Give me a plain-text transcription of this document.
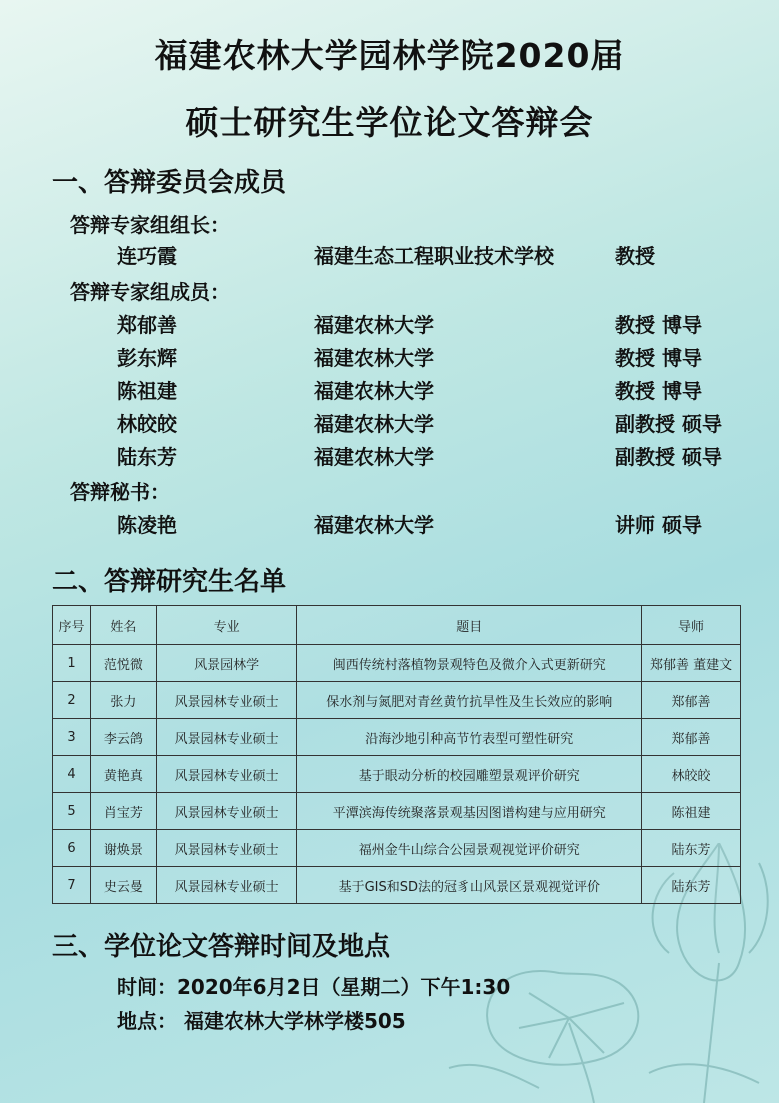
福建农林大学园林学院2020届
硕士研究生学位论文答辩会
一、答辩委员会成员
答辩专家组组长：
连巧霞	福建生态工程职业技术学校	教授
答辩专家组成员：
郑郁善	福建农林大学	教授 博导
彭东辉	福建农林大学	教授 博导
陈祖建	福建农林大学	教授 博导
林皎皎	福建农林大学	副教授 硕导
陆东芳	福建农林大学	副教授 硕导
答辩秘书：
陈凌艳	福建农林大学	讲师 硕导
二、答辩研究生名单
序号	姓名	专业	题目	导师
1	范悦微	风景园林学	闽西传统村落植物景观特色及微介入式更新研究	郑郁善 董建文
2	张力	风景园林专业硕士	保水剂与氮肥对青丝黄竹抗旱性及生长效应的影响	郑郁善
3	李云鸽	风景园林专业硕士	沿海沙地引种高节竹表型可塑性研究	郑郁善
4	黄艳真	风景园林专业硕士	基于眼动分析的校园雕塑景观评价研究	林皎皎
5	肖宝芳	风景园林专业硕士	平潭滨海传统聚落景观基因图谱构建与应用研究	陈祖建
6	谢焕景	风景园林专业硕士	福州金牛山综合公园景观视觉评价研究	陆东芳
7	史云曼	风景园林专业硕士	基于GIS和SD法的冠豸山风景区景观视觉评价	陆东芳
三、学位论文答辩时间及地点
时间：2020年6月2日（星期二）下午1:30
地点： 福建农林大学林学楼505
